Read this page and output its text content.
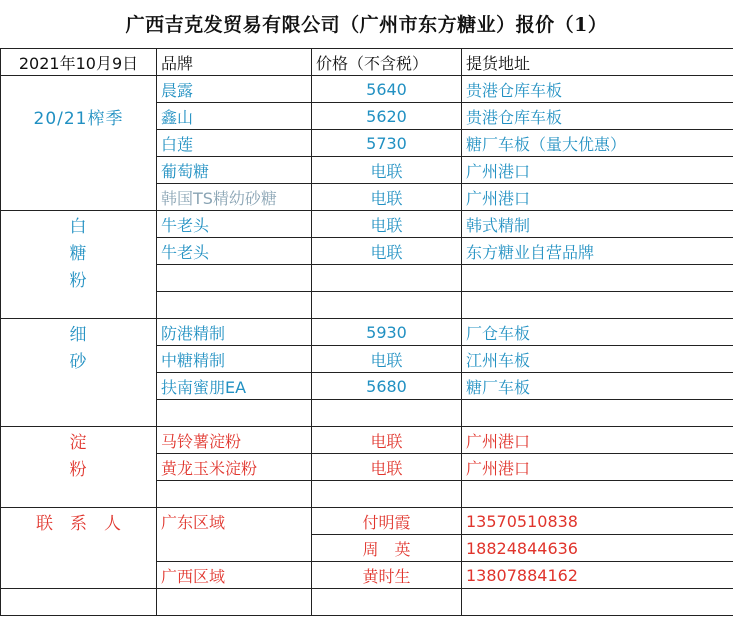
广西吉克发贸易有限公司（广州市东方糖业）报价（1）
2021年10月9日	品牌	价格（不含税）	提货地址
	晨露	5640	贵港仓库车板
20/21榨季	鑫山	5620	贵港仓库车板
	白莲	5730	糖厂车板（量大优惠）
	葡萄糖	电联	广州港口
	韩国TS精幼砂糖	电联	广州港口
白	牛老头	电联	韩式精制
糖	牛老头	电联	东方糖业自营品牌
粉			

细	防港精制	5930	厂仓车板
砂	中糖精制	电联	江州车板
	扶南蜜朋EA	5680	糖厂车板

淀	马铃薯淀粉	电联	广州港口
粉	黄龙玉米淀粉	电联	广州港口

联　系　人	广东区域	付明霞	13570510838
		周　英	18824844636
	广西区域	黄时生	13807884162
